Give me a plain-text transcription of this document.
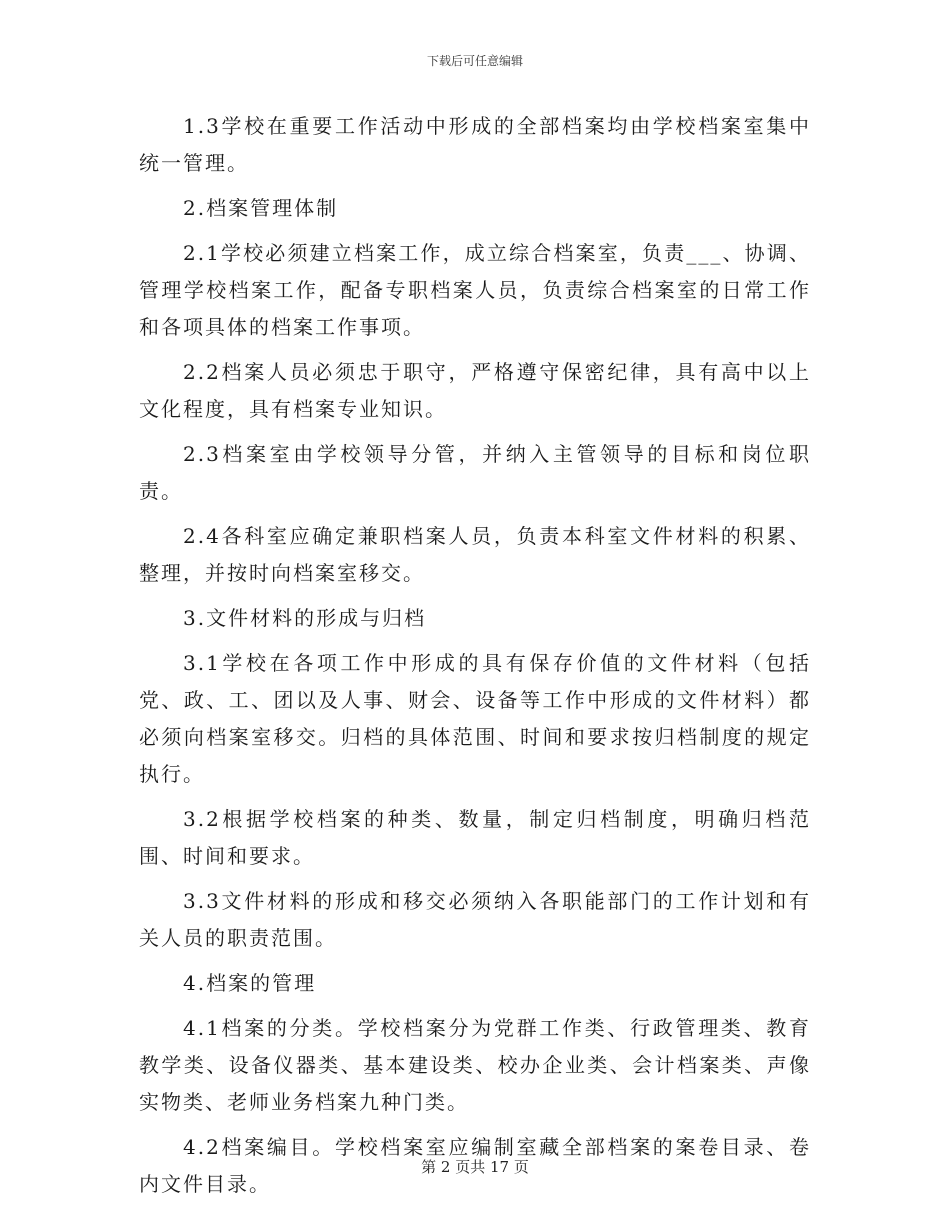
下载后可任意编辑

1.3学校在重要工作活动中形成的全部档案均由学校档案室集中统一管理。

2.档案管理体制

2.1学校必须建立档案工作，成立综合档案室，负责___、协调、管理学校档案工作，配备专职档案人员，负责综合档案室的日常工作和各项具体的档案工作事项。

2.2档案人员必须忠于职守，严格遵守保密纪律，具有高中以上文化程度，具有档案专业知识。

2.3档案室由学校领导分管，并纳入主管领导的目标和岗位职责。

2.4各科室应确定兼职档案人员，负责本科室文件材料的积累、整理，并按时向档案室移交。

3.文件材料的形成与归档

3.1学校在各项工作中形成的具有保存价值的文件材料（包括党、政、工、团以及人事、财会、设备等工作中形成的文件材料）都必须向档案室移交。归档的具体范围、时间和要求按归档制度的规定执行。

3.2根据学校档案的种类、数量，制定归档制度，明确归档范围、时间和要求。

3.3文件材料的形成和移交必须纳入各职能部门的工作计划和有关人员的职责范围。

4.档案的管理

4.1档案的分类。学校档案分为党群工作类、行政管理类、教育教学类、设备仪器类、基本建设类、校办企业类、会计档案类、声像实物类、老师业务档案九种门类。

4.2档案编目。学校档案室应编制室藏全部档案的案卷目录、卷内文件目录。

第 2 页共 17 页
